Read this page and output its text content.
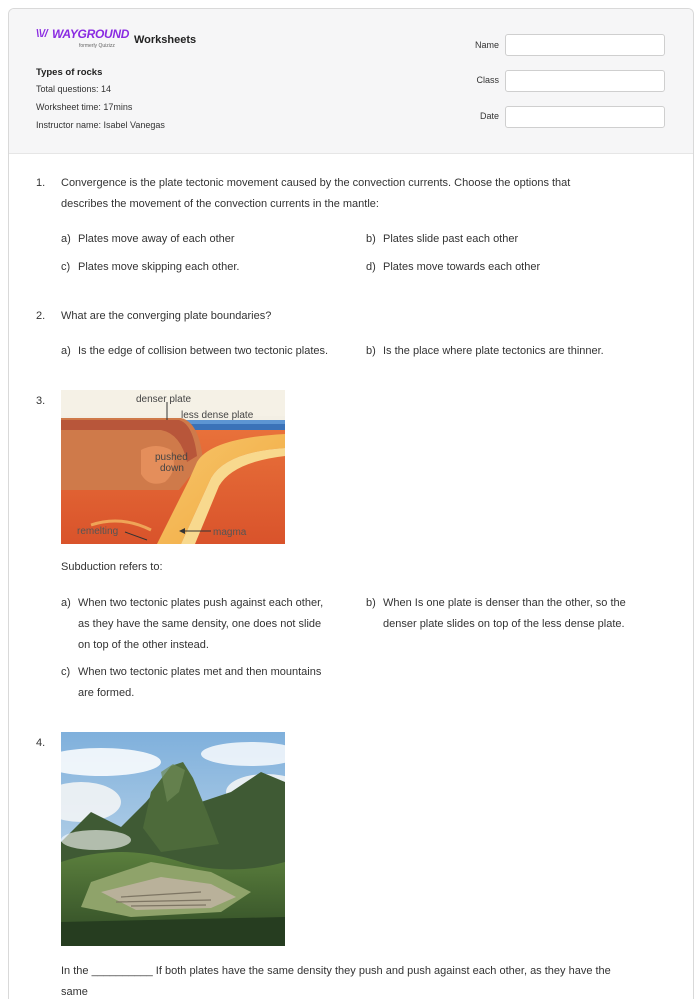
\\// WAYGROUND
formerly Quizizz Worksheets
Types of rocks
Total questions: 14
Worksheet time: 17mins
Instructor name: Isabel Vanegas
Name
Class
Date
1. Convergence is the plate tectonic movement caused by the convection currents. Choose the options that
describes the movement of the convection currents in the mantle:
a) Plates move away of each other	b) Plates slide past each other
c) Plates move skipping each other.	d) Plates move towards each other
2. What are the converging plate boundaries?
a) Is the edge of collision between two tectonic plates.	b) Is the place where plate tectonics are thinner.
3.	denser plate
less dense plate
pushed
down
remelting	magma
Subduction refers to:
a) When two tectonic plates push against each other,
as they have the same density, one does not slide
on top of the other instead.
b) When Is one plate is denser than the other, so the
denser plate slides on top of the less dense plate.
c) When two tectonic plates met and then mountains
are formed.
4.
In the __________ If both plates have the same density they push and push against each other, as they have the
same
